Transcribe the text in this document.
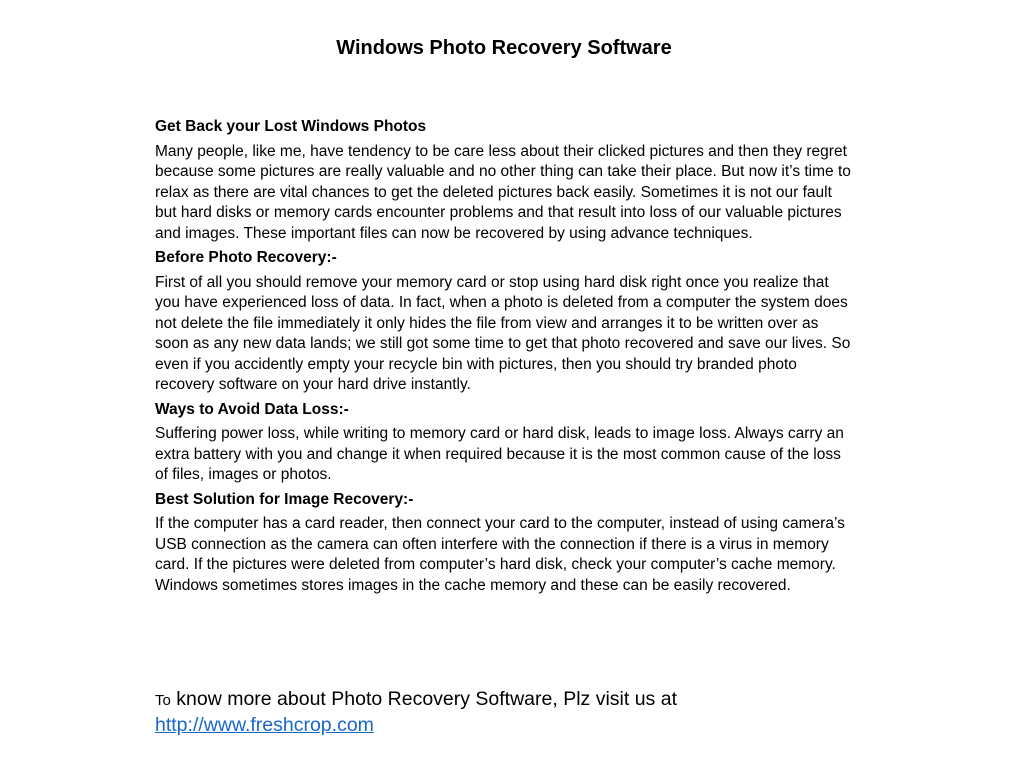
Windows Photo Recovery Software

Get Back your Lost Windows Photos

Many people, like me, have tendency to be care less about their clicked pictures and then they regret because some pictures are really valuable and no other thing can take their place. But now it’s time to relax as there are vital chances to get the deleted pictures back easily. Sometimes it is not our fault but hard disks or memory cards encounter problems and that result into loss of our valuable pictures and images. These important files can now be recovered by using advance techniques.

Before Photo Recovery:-

First of all you should remove your memory card or stop using hard disk right once you realize that you have experienced loss of data. In fact, when a photo is deleted from a computer the system does not delete the file immediately it only hides the file from view and arranges it to be written over as soon as any new data lands; we still got some time to get that photo recovered and save our lives. So even if you accidently empty your recycle bin with pictures, then you should try branded photo recovery software on your hard drive instantly.

Ways to Avoid Data Loss:-

Suffering power loss, while writing to memory card or hard disk, leads to image loss. Always carry an extra battery with you and change it when required because it is the most common cause of the loss of files, images or photos.

Best Solution for Image Recovery:-

If the computer has a card reader, then connect your card to the computer, instead of using camera’s USB connection as the camera can often interfere with the connection if there is a virus in memory card. If the pictures were deleted from computer’s hard disk, check your computer’s cache memory. Windows sometimes stores images in the cache memory and these can be easily recovered.

To know more about Photo Recovery Software, Plz visit us at
http://www.freshcrop.com
